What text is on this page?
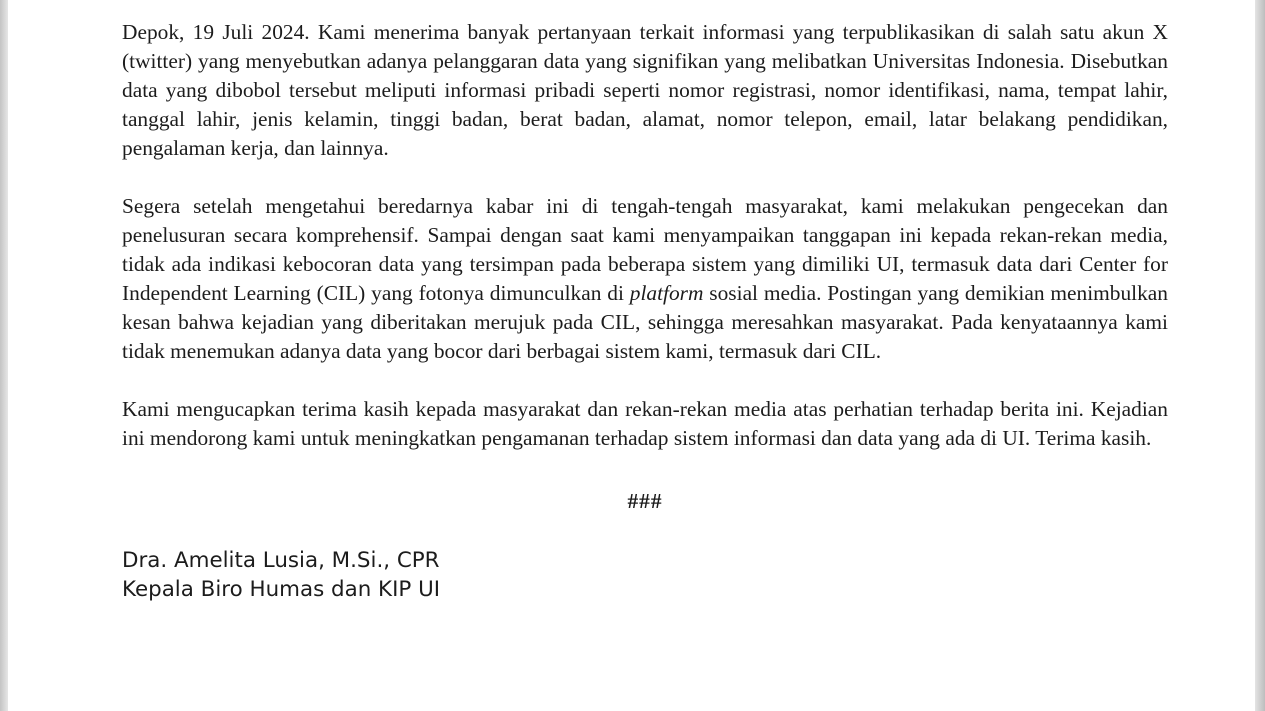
Depok, 19 Juli 2024. Kami menerima banyak pertanyaan terkait informasi yang terpublikasikan di salah satu akun X (twitter) yang menyebutkan adanya pelanggaran data yang signifikan yang melibatkan Universitas Indonesia. Disebutkan data yang dibobol tersebut meliputi informasi pribadi seperti nomor registrasi, nomor identifikasi, nama, tempat lahir, tanggal lahir, jenis kelamin, tinggi badan, berat badan, alamat, nomor telepon, email, latar belakang pendidikan, pengalaman kerja, dan lainnya.

Segera setelah mengetahui beredarnya kabar ini di tengah-tengah masyarakat, kami melakukan pengecekan dan penelusuran secara komprehensif. Sampai dengan saat kami menyampaikan tanggapan ini kepada rekan-rekan media, tidak ada indikasi kebocoran data yang tersimpan pada beberapa sistem yang dimiliki UI, termasuk data dari Center for Independent Learning (CIL) yang fotonya dimunculkan di platform sosial media. Postingan yang demikian menimbulkan kesan bahwa kejadian yang diberitakan merujuk pada CIL, sehingga meresahkan masyarakat. Pada kenyataannya kami tidak menemukan adanya data yang bocor dari berbagai sistem kami, termasuk dari CIL.

Kami mengucapkan terima kasih kepada masyarakat dan rekan-rekan media atas perhatian terhadap berita ini. Kejadian ini mendorong kami untuk meningkatkan pengamanan terhadap sistem informasi dan data yang ada di UI. Terima kasih.

###

Dra. Amelita Lusia, M.Si., CPR
Kepala Biro Humas dan KIP UI
